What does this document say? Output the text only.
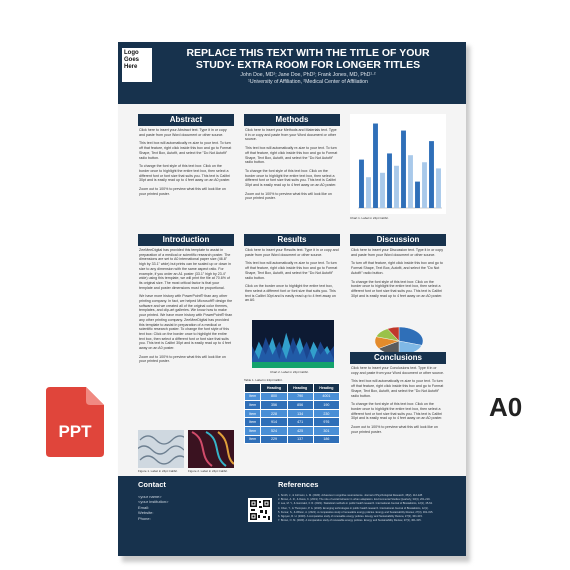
Logo Goes Here
REPLACE THIS TEXT WITH THE TITLE OF YOUR
STUDY- EXTRA ROOM FOR LONGER TITLES
John Doe, MD¹; Jane Doe, PhD²; Frank Jones, MD, PhD¹·²
¹University of Affiliation, ²Medical Center of Affiliation
Abstract

Click here to insert your Abstract text. Type it in or copy and paste from your Word document or other source.

This text box will automatically re-size to your text. To turn off that feature, right click inside this box and go to Format Shape, Text Box, Autofit, and select the "Do Not Autofit" radio button.

To change the font style of this text box: Click on the border once to highlight the entire text box, then select a different font or font size that suits you. This text is Calibri 30pt and is easily read up to 4 feet away on an A0 poster.

Zoom out to 100% to preview what this will look like on your printed poster.

Methods

Click here to insert your Methods and Materials text. Type it in or copy and paste from your Word document or other source.

This text box will automatically re-size to your text. To turn off that feature, right click inside this box and go to Format Shape, Text Box, Autofit, and select the "Do Not Autofit" radio button.

To change the font style of this text box: Click on the border once to highlight the entire text box, then select a different font or font size that suits you. This text is Calibri 30pt and is easily read up to 4 feet away on an A0 poster.

Zoom out to 100% to preview what this will look like on your printed poster.

Chart 1. Label in 24pt Calibri.
Introduction

ZeeMeeDigital has provided this template to assist in preparation of a medical or scientific research poster. The dimensions are set to A0 international paper size (46.8" high by 33.1" wide) but prints can be scaled up or down in size to any dimension with the same aspect ratio. For example, if you order an A1 poster (33.1" high by 23.4" wide) using this template, we will print the file at 70.6% of its original size. The most critical factor is that your template and poster dimensions must be proportional.

We have more history with PowerPoint® than any other printing company. In fact, we helped Microsoft® design the software and we created all of the original color themes, templates, and clip-art galleries. We know how to make your printed. We have more history with PowerPoint® than any other printing company. ZeeMeeDigital has provided this template to assist in preparation of a medical or scientific research poster. To change the font style of this text box: Click on the border once to highlight the entire text box, then select a different font or font size that suits you. This text is Calibri 30pt and is easily read up to 4 feet away on an A0 poster.

Zoom out to 100% to preview what this will look like on your printed poster.

Figure 1. Label in 24pt Calibri.	Figure 2. Label in 24pt Calibri.
Results

Click here to insert your Results text. Type it in or copy and paste from your Word document or other source.

This text box will automatically re-size to your text. To turn off that feature, right click inside this box and go to Format Shape, Text Box, Autofit, and select the "Do Not Autofit" radio button.

Click on the border once to highlight the entire text box, then select a different font or font size that suits you. This text is Calibri 30pt and is easily read up to 4 feet away on an A0.

Chart 2. Label in 24pt Calibri.
Table 1. Label in 24pt Calibri.
	Heading	Heading	Heading
Item	800	790	4001
Item	356	856	190
Item	228	134	230
Item	914	471	976
Item	524	425	301
Item	229	137	186
Discussion

Click here to insert your Discussion text. Type it in or copy and paste from your Word document or other source.

To turn off that feature, right click inside this box and go to Format Shape, Text Box, Autofit, and select the "Do Not Autofit" radio button.

To change the font style of this text box: Click on the border once to highlight the entire text box, then select a different font or font size that suits you. This text is Calibri 30pt and is easily read up to 4 feet away on an A0 poster.

Conclusions

Click here to insert your Conclusions text. Type it in or copy and paste from your Word document or other source.

This text box will automatically re-size to your text. To turn off that feature, right click inside this box and go to Format Shape, Text Box, Autofit, and select the "Do Not Autofit" radio button.

To change the font style of this text box: Click on the border once to highlight the entire text box, then select a different font or font size that suits you. This text is Calibri 30pt and is easily read up to 4 feet away on an A0 poster.

Zoom out to 100% to preview what this will look like on your printed poster.

Contact
<your name>
<your institution>
Email:
Website:
Phone:
References
1. Smith, J., & Johnson, L. M. (2020). Advances in cognitive neuroscience. Journal of Psychological Research, 45(2), 112-128.
2. Brown, A. R., & Davis, K. (2019). The role of social behavior in urban adaptation. Environmental Studies Quarterly, 33(4), 201-219.
3. Lee, M. Y., & Gonzalez, F. R. (2021). Statistical methods in public health research. International Journal of Biostatistics, 12(1), 45-62.
4. Chen, Y., & Thompson, P. A. (2018). Emerging technologies in public health research. International Journal of Biostatistics, 12(1).
5. Kumar, S., & Wilson, A. (2022). A comparative study of renewable energy policies. Energy and Sustainability Review, 27(3), 301-315.
6. Nguyen, R. H. (2020). A comparative study of renewable energy policies. Energy and Sustainability Review, 27(3), 301-315.
7. Brown, O. M. (2023). A comparative study of renewable energy policies. Energy and Sustainability Review, 27(3), 301-315.
PPT
A0
